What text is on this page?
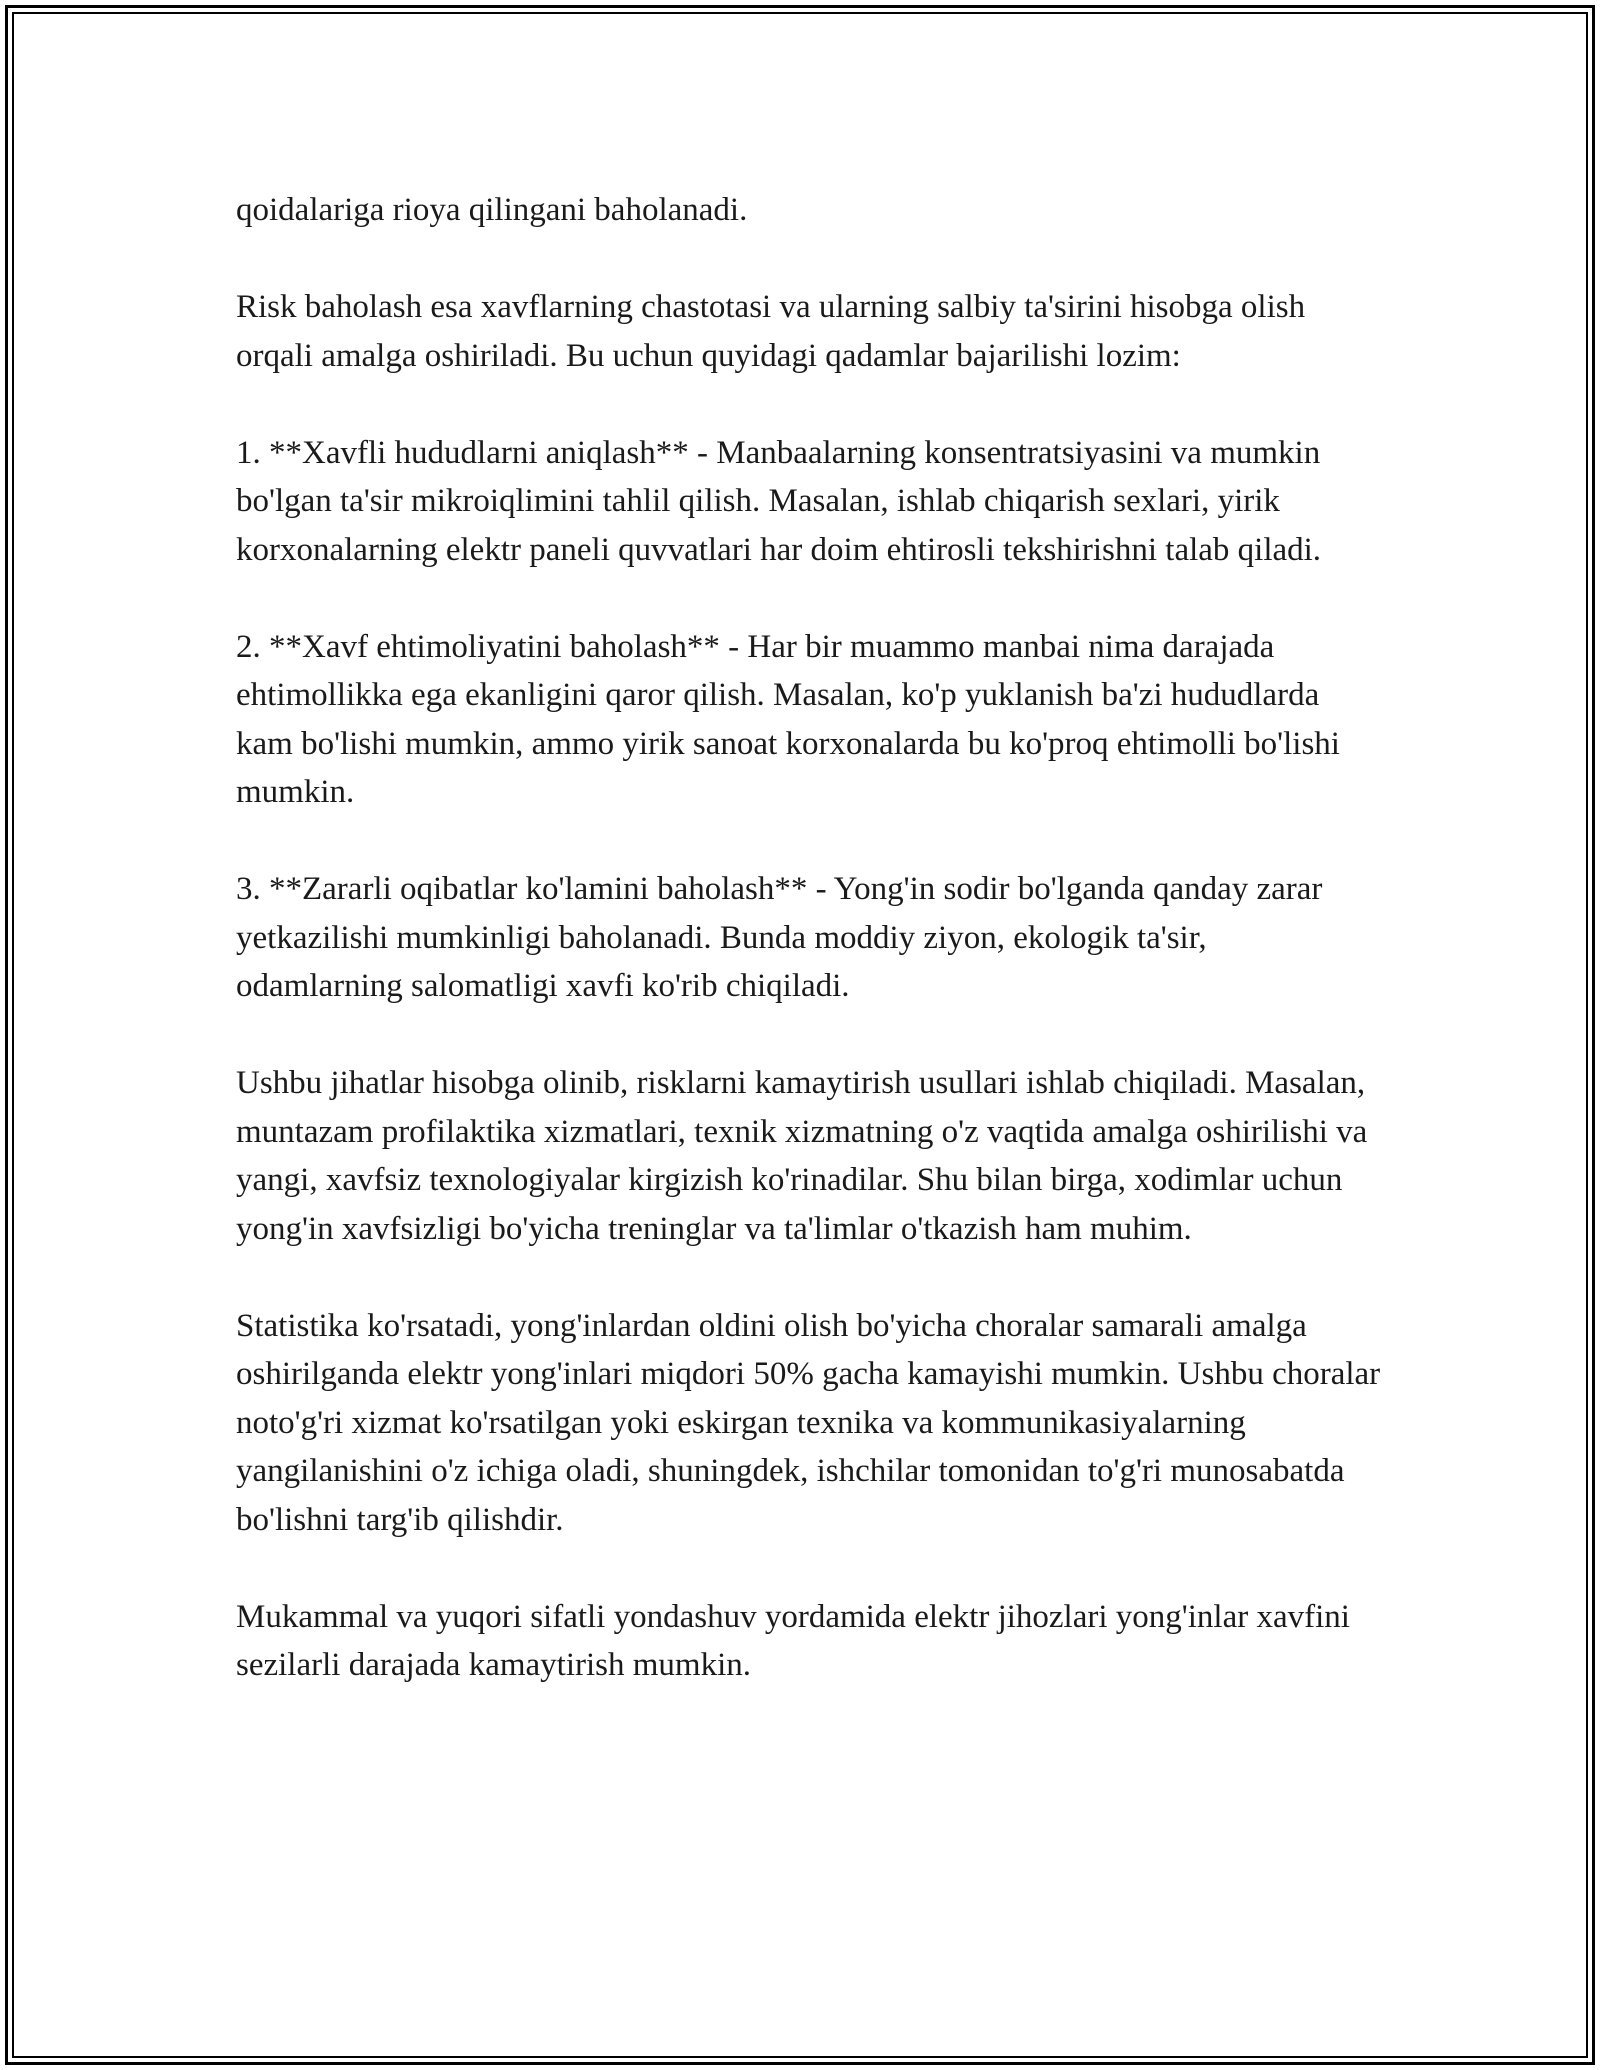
qoidalariga rioya qilingani baholanadi.

Risk baholash esa xavflarning chastotasi va ularning salbiy ta'sirini hisobga olish orqali amalga oshiriladi. Bu uchun quyidagi qadamlar bajarilishi lozim:

1. **Xavfli hududlarni aniqlash** - Manbaalarning konsentratsiyasini va mumkin bo'lgan ta'sir mikroiqlimini tahlil qilish. Masalan, ishlab chiqarish sexlari, yirik korxonalarning elektr paneli quvvatlari har doim ehtirosli tekshirishni talab qiladi.

2. **Xavf ehtimoliyatini baholash** - Har bir muammo manbai nima darajada ehtimollikka ega ekanligini qaror qilish. Masalan, ko'p yuklanish ba'zi hududlarda kam bo'lishi mumkin, ammo yirik sanoat korxonalarda bu ko'proq ehtimolli bo'lishi mumkin.

3. **Zararli oqibatlar ko'lamini baholash** - Yong'in sodir bo'lganda qanday zarar yetkazilishi mumkinligi baholanadi. Bunda moddiy ziyon, ekologik ta'sir, odamlarning salomatligi xavfi ko'rib chiqiladi.

Ushbu jihatlar hisobga olinib, risklarni kamaytirish usullari ishlab chiqiladi. Masalan, muntazam profilaktika xizmatlari, texnik xizmatning o'z vaqtida amalga oshirilishi va yangi, xavfsiz texnologiyalar kirgizish ko'rinadilar. Shu bilan birga, xodimlar uchun yong'in xavfsizligi bo'yicha treninglar va ta'limlar o'tkazish ham muhim.

Statistika ko'rsatadi, yong'inlardan oldini olish bo'yicha choralar samarali amalga oshirilganda elektr yong'inlari miqdori 50% gacha kamayishi mumkin. Ushbu choralar noto'g'ri xizmat ko'rsatilgan yoki eskirgan texnika va kommunikasiyalarning yangilanishini o'z ichiga oladi, shuningdek, ishchilar tomonidan to'g'ri munosabatda bo'lishni targ'ib qilishdir.

Mukammal va yuqori sifatli yondashuv yordamida elektr jihozlari yong'inlar xavfini sezilarli darajada kamaytirish mumkin.
